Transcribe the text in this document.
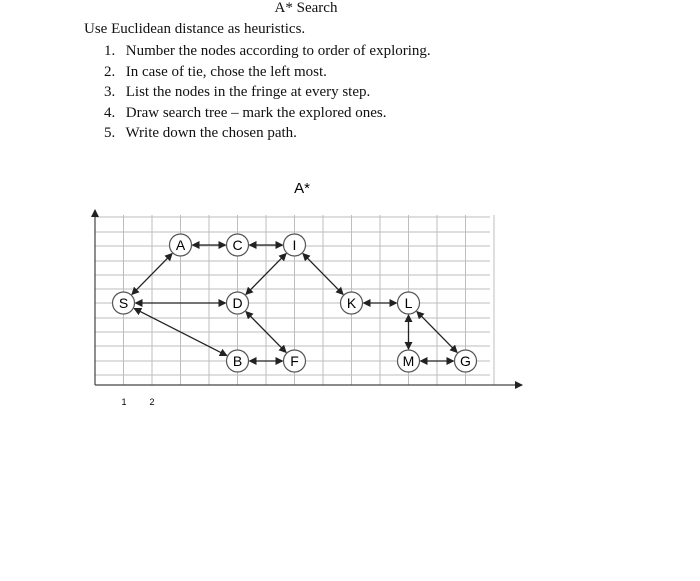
A* Search
Use Euclidean distance as heuristics.
1. Number the nodes according to order of exploring.
2. In case of tie, chose the left most.
3. List the nodes in the fringe at every step.
4. Draw search tree – mark the explored ones.
5. Write down the chosen path.
A*
1	2
S
A	C	I
D	K	L
B	F	M	G
